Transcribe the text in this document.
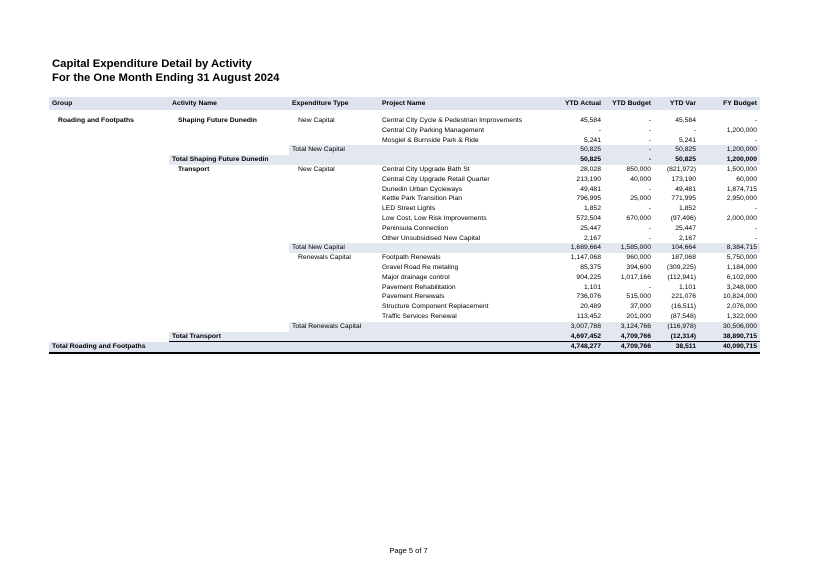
Capital Expenditure Detail by Activity
For the One Month Ending 31 August 2024
Group	Activity Name	Expenditure Type	Project Name	YTD Actual	YTD Budget	YTD Var	FY Budget

Roading and Footpaths	Shaping Future Dunedin	New Capital	Central City Cycle & Pedestrian Improvements	45,584	-	45,584	-
			Central City Parking Management	-	-	-	1,200,000
			Mosgiel & Burnside Park & Ride	5,241	-	5,241	-
		Total New Capital		50,825	-	50,825	1,200,000
	Total Shaping Future Dunedin			50,825	-	50,825	1,200,000
	Transport	New Capital	Central City Upgrade Bath St	28,028	850,000	(821,972)	1,500,000
			Central City Upgrade Retail Quarter	213,190	40,000	173,190	60,000
			Dunedin Urban Cycleways	49,481	-	49,481	1,874,715
			Kettle Park Transition Plan	796,995	25,000	771,995	2,950,000
			LED Street Lights	1,852	-	1,852	-
			Low Cost, Low Risk Improvements	572,504	670,000	(97,496)	2,000,000
			Peninsula Connection	25,447	-	25,447	-
			Other Unsubsidised New Capital	2,167	-	2,167	-
		Total New Capital		1,689,664	1,585,000	104,664	8,384,715
		Renewals Capital	Footpath Renewals	1,147,068	960,000	187,068	5,750,000
			Gravel Road Re metaling	85,375	394,600	(309,225)	1,184,000
			Major drainage control	904,225	1,017,166	(112,941)	6,102,000
			Pavement Rehabilitation	1,101	-	1,101	3,248,000
			Pavement Renewals	736,076	515,000	221,076	10,824,000
			Structure Component Replacement	20,489	37,000	(16,511)	2,076,000
			Traffic Services Renewal	113,452	201,000	(87,548)	1,322,000
		Total Renewals Capital		3,007,788	3,124,766	(116,978)	30,506,000
	Total Transport			4,697,452	4,709,766	(12,314)	38,890,715
Total Roading and Footpaths				4,748,277	4,709,766	38,511	40,090,715
Page 5 of 7
